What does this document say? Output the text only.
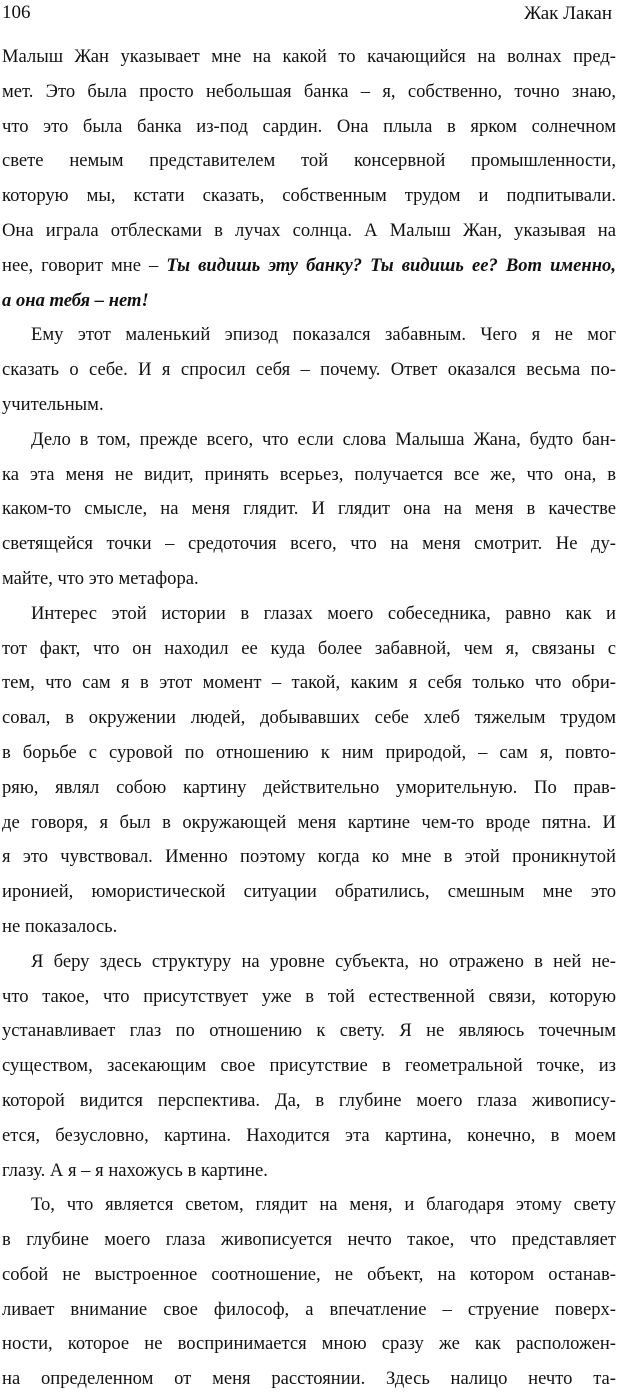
106	Жак Лакан
Малыш Жан указывает мне на какой то качающийся на волнах пред-
мет. Это была просто небольшая банка – я, собственно, точно знаю,
что это была банка из-под сардин. Она плыла в ярком солнечном
свете немым представителем той консервной промышленности,
которую мы, кстати сказать, собственным трудом и подпитывали.
Она играла отблесками в лучах солнца. А Малыш Жан, указывая на
нее, говорит мне – Ты видишь эту банку? Ты видишь ее? Вот именно,
а она тебя – нет!
Ему этот маленький эпизод показался забавным. Чего я не мог
сказать о себе. И я спросил себя – почему. Ответ оказался весьма по-
учительным.
Дело в том, прежде всего, что если слова Малыша Жана, будто бан-
ка эта меня не видит, принять всерьез, получается все же, что она, в
каком-то смысле, на меня глядит. И глядит она на меня в качестве
светящейся точки – средоточия всего, что на меня смотрит. Не ду-
майте, что это метафора.
Интерес этой истории в глазах моего собеседника, равно как и
тот факт, что он находил ее куда более забавной, чем я, связаны с
тем, что сам я в этот момент – такой, каким я себя только что обри-
совал, в окружении людей, добывавших себе хлеб тяжелым трудом
в борьбе с суровой по отношению к ним природой, – сам я, повто-
ряю, являл собою картину действительно уморительную. По прав-
де говоря, я был в окружающей меня картине чем-то вроде пятна. И
я это чувствовал. Именно поэтому когда ко мне в этой проникнутой
иронией, юмористической ситуации обратились, смешным мне это
не показалось.
Я беру здесь структуру на уровне субъекта, но отражено в ней не-
что такое, что присутствует уже в той естественной связи, которую
устанавливает глаз по отношению к свету. Я не являюсь точечным
существом, засекающим свое присутствие в геометральной точке, из
которой видится перспектива. Да, в глубине моего глаза живопису-
ется, безусловно, картина. Находится эта картина, конечно, в моем
глазу. А я – я нахожусь в картине.
То, что является светом, глядит на меня, и благодаря этому свету
в глубине моего глаза живописуется нечто такое, что представляет
собой не выстроенное соотношение, не объект, на котором останав-
ливает внимание свое философ, а впечатление – струение поверх-
ности, которое не воспринимается мною сразу же как расположен-
на определенном от меня расстоянии. Здесь налицо нечто та-
